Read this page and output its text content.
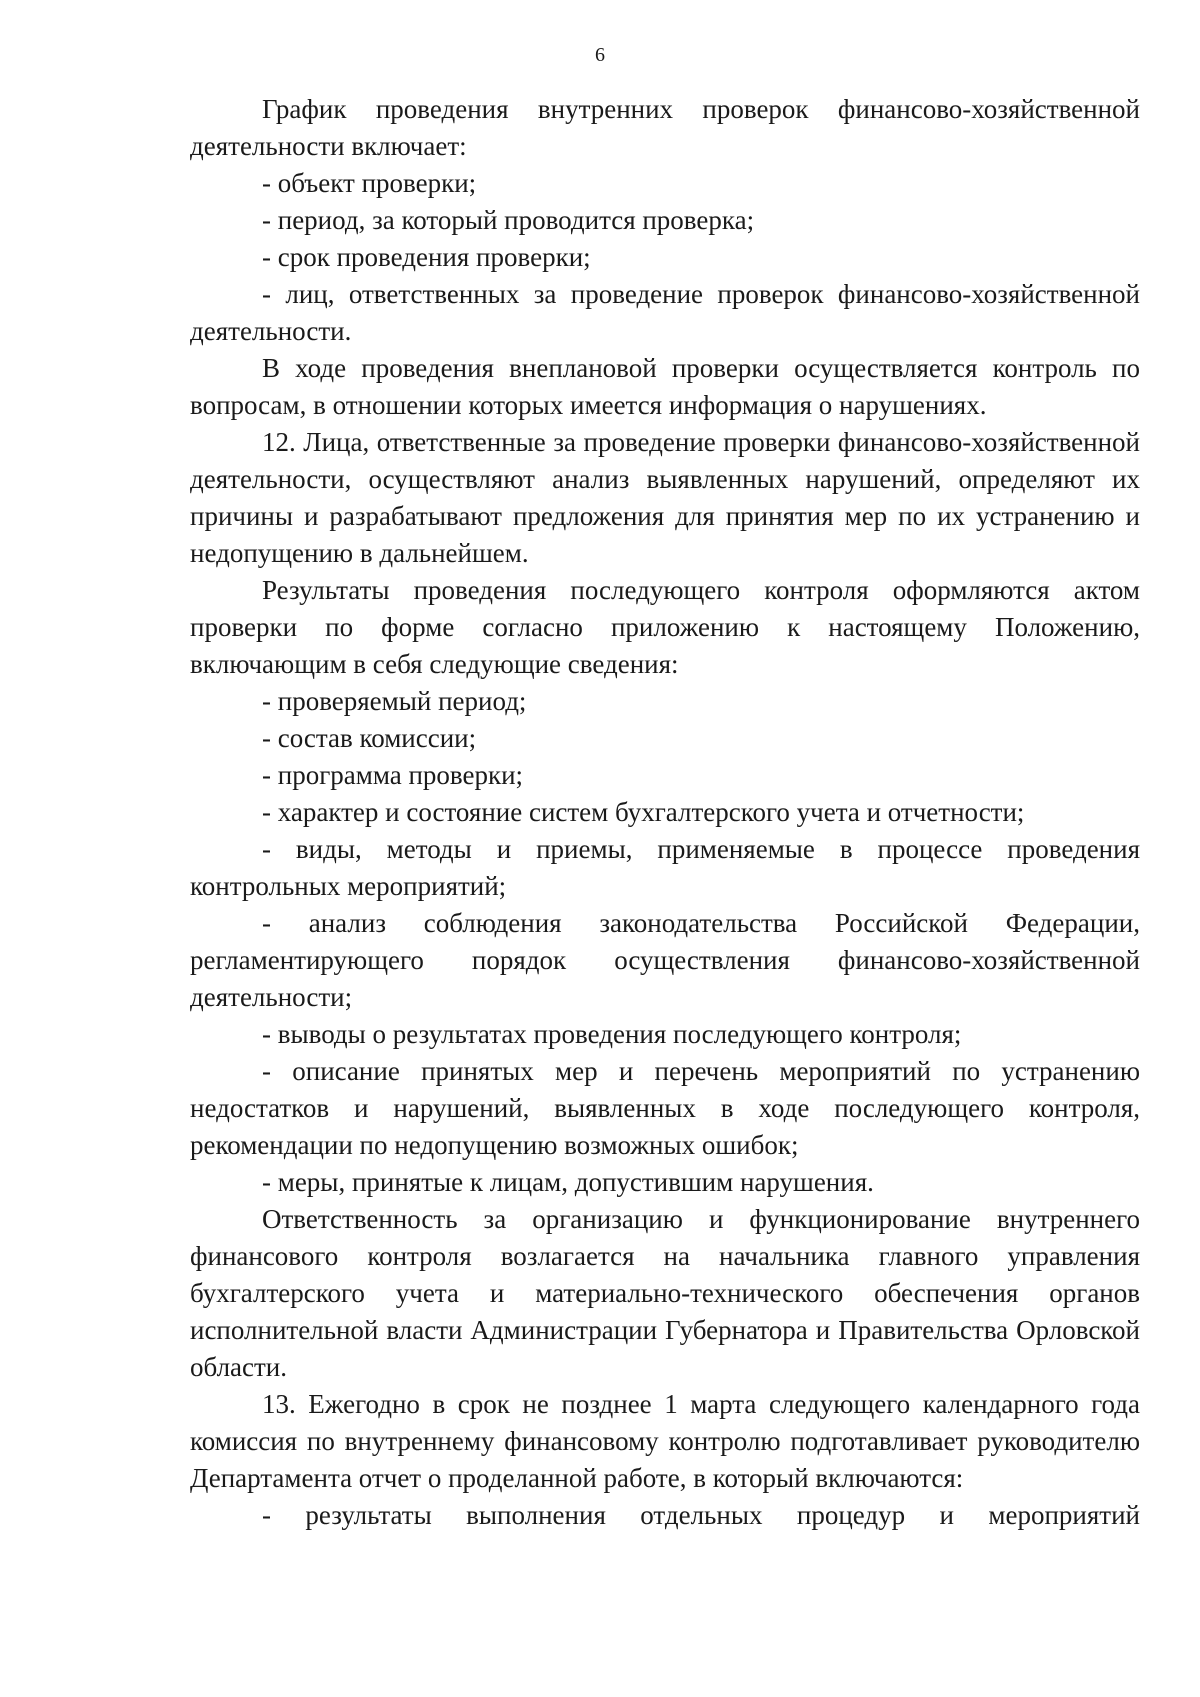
6

График проведения внутренних проверок финансово-хозяйственной деятельности включает:

- объект проверки;

- период, за который проводится проверка;

- срок проведения проверки;

- лиц, ответственных за проведение проверок финансово-хозяйственной деятельности.

В ходе проведения внеплановой проверки осуществляется контроль по вопросам, в отношении которых имеется информация о нарушениях.

12. Лица, ответственные за проведение проверки финансово-хозяйственной деятельности, осуществляют анализ выявленных нарушений, определяют их причины и разрабатывают предложения для принятия мер по их устранению и недопущению в дальнейшем.

Результаты проведения последующего контроля оформляются актом проверки по форме согласно приложению к настоящему Положению, включающим в себя следующие сведения:

- проверяемый период;

- состав комиссии;

- программа проверки;

- характер и состояние систем бухгалтерского учета и отчетности;

- виды, методы и приемы, применяемые в процессе проведения контрольных мероприятий;

- анализ соблюдения законодательства Российской Федерации, регламентирующего порядок осуществления финансово-хозяйственной деятельности;

- выводы о результатах проведения последующего контроля;

- описание принятых мер и перечень мероприятий по устранению недостатков и нарушений, выявленных в ходе последующего контроля, рекомендации по недопущению возможных ошибок;

- меры, принятые к лицам, допустившим нарушения.

Ответственность за организацию и функционирование внутреннего финансового контроля возлагается на начальника главного управления бухгалтерского учета и материально-технического обеспечения органов исполнительной власти Администрации Губернатора и Правительства Орловской области.

13. Ежегодно в срок не позднее 1 марта следующего календарного года комиссия по внутреннему финансовому контролю подготавливает руководителю Департамента отчет о проделанной работе, в который включаются:

- результаты выполнения отдельных процедур и мероприятий
